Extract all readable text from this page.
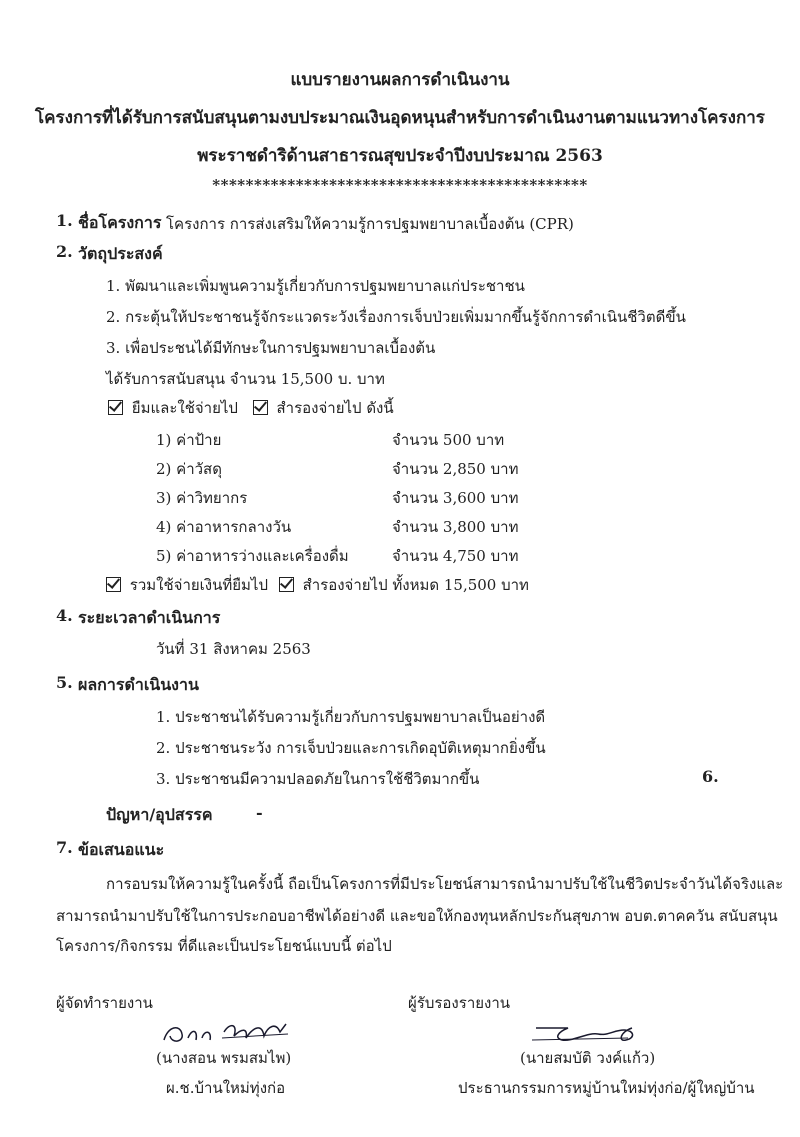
แบบรายงานผลการดำเนินงาน
โครงการที่ได้รับการสนับสนุนตามงบประมาณเงินอุดหนุนสำหรับการดำเนินงานตามแนวทางโครงการ
พระราชดำริด้านสาธารณสุขประจำปีงบประมาณ 2563
*********************************************
1. ชื่อโครงการ โครงการ การส่งเสริมให้ความรู้การปฐมพยาบาลเบื้องต้น (CPR)
2. วัตถุประสงค์
1. พัฒนาและเพิ่มพูนความรู้เกี่ยวกับการปฐมพยาบาลแก่ประชาชน
2. กระตุ้นให้ประชาชนรู้จักระแวดระวังเรื่องการเจ็บป่วยเพิ่มมากขึ้นรู้จักการดำเนินชีวิตดีขึ้น
3. เพื่อประชนได้มีทักษะในการปฐมพยาบาลเบื้องต้น
ได้รับการสนับสนุน จำนวน 15,500 บ. บาท
ยืมและใช้จ่ายไป	สำรองจ่ายไป ดังนี้
1) ค่าป้าย	จำนวน 500 บาท
2) ค่าวัสดุ	จำนวน 2,850 บาท
3) ค่าวิทยากร	จำนวน 3,600 บาท
4) ค่าอาหารกลางวัน	จำนวน 3,800 บาท
5) ค่าอาหารว่างและเครื่องดื่ม	จำนวน 4,750 บาท
รวมใช้จ่ายเงินที่ยืมไป สำรองจ่ายไป ทั้งหมด 15,500 บาท
4. ระยะเวลาดำเนินการ
วันที่ 31 สิงหาคม 2563
5. ผลการดำเนินงาน
1. ประชาชนได้รับความรู้เกี่ยวกับการปฐมพยาบาลเป็นอย่างดี
2. ประชาชนระวัง การเจ็บป่วยและการเกิดอุบัติเหตุมากยิ่งขึ้น
3. ประชาชนมีความปลอดภัยในการใช้ชีวิตมากขึ้น	6.
ปัญหา/อุปสรรค	-
7. ข้อเสนอแนะ
การอบรมให้ความรู้ในครั้งนี้ ถือเป็นโครงการที่มีประโยชน์สามารถนำมาปรับใช้ในชีวิตประจำวันได้จริงและ
สามารถนำมาปรับใช้ในการประกอบอาชีพได้อย่างดี และขอให้กองทุนหลักประกันสุขภาพ อบต.ตาคควัน สนับสนุน
โครงการ/กิจกรรม ที่ดีและเป็นประโยชน์แบบนี้ ต่อไป
ผู้จัดทำรายงาน
(นางสอน พรมสมไพ)
ผ.ช.บ้านใหม่ทุ่งก่อ
ผู้รับรองรายงาน
(นายสมบัติ วงค์แก้ว)
ประธานกรรมการหมู่บ้านใหม่ทุ่งก่อ/ผู้ใหญ่บ้าน
